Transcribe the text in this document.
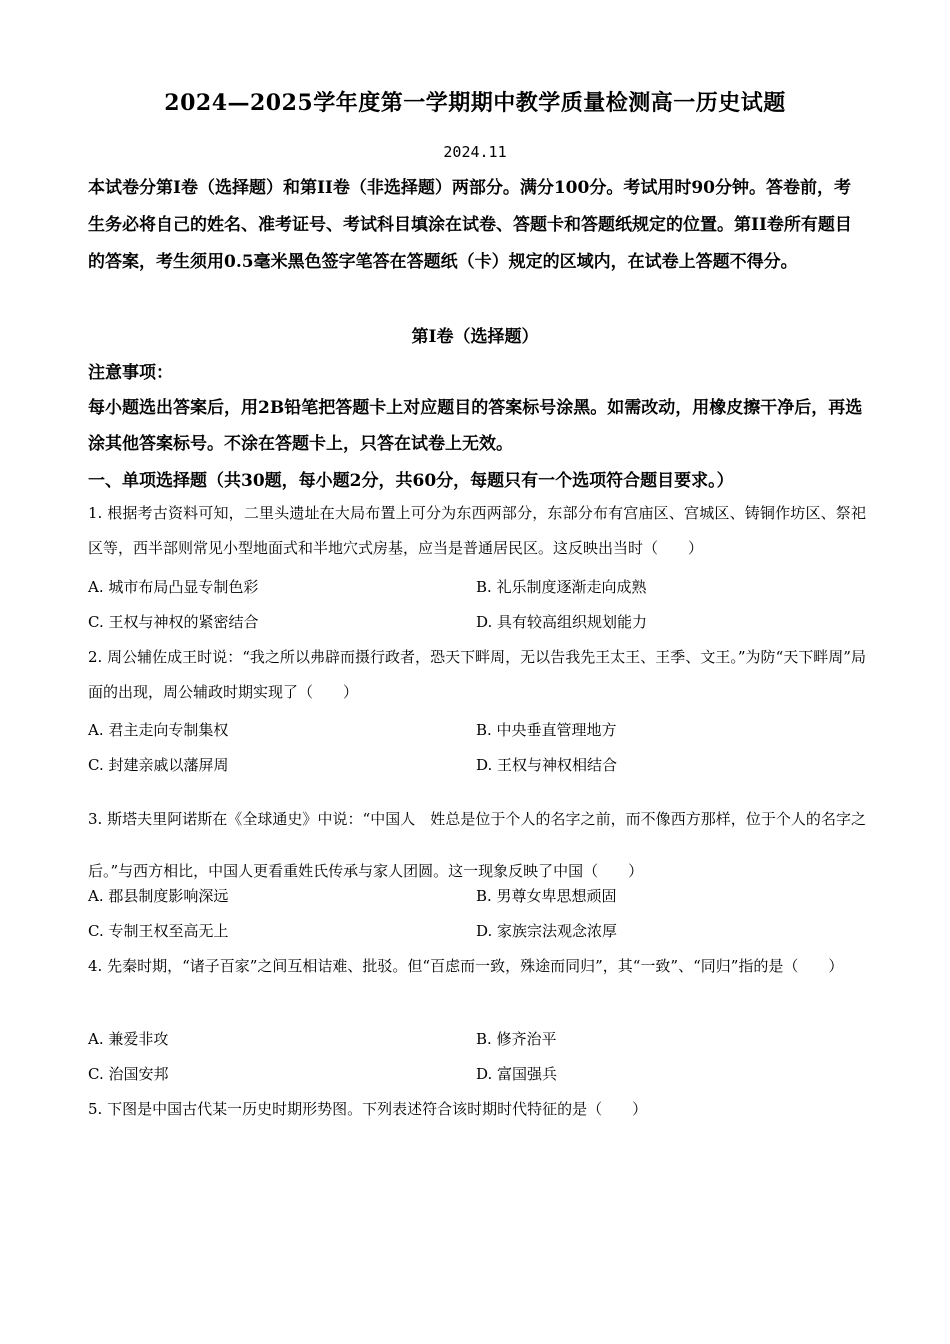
2024—2025学年度第一学期期中教学质量检测高一历史试题
2024.11
本试卷分第I卷（选择题）和第II卷（非选择题）两部分。满分100分。考试用时90分钟。答卷前，考生务必将自己的姓名、准考证号、考试科目填涂在试卷、答题卡和答题纸规定的位置。第II卷所有题目的答案，考生须用0.5毫米黑色签字笔答在答题纸（卡）规定的区域内，在试卷上答题不得分。
第I卷（选择题）
注意事项：
每小题选出答案后，用2B铅笔把答题卡上对应题目的答案标号涂黑。如需改动，用橡皮擦干净后，再选涂其他答案标号。不涂在答题卡上，只答在试卷上无效。
一、单项选择题（共30题，每小题2分，共60分，每题只有一个选项符合题目要求。）
1. 根据考古资料可知，二里头遗址在大局布置上可分为东西两部分，东部分布有宫庙区、宫城区、铸铜作坊区、祭祀区等，西半部则常见小型地面式和半地穴式房基，应当是普通居民区。这反映出当时（　　）
A. 城市布局凸显专制色彩	B. 礼乐制度逐渐走向成熟
C. 王权与神权的紧密结合	D. 具有较高组织规划能力
2. 周公辅佐成王时说：“我之所以弗辟而摄行政者，恐天下畔周，无以告我先王太王、王季、文王。”为防“天下畔周”局面的出现，周公辅政时期实现了（　　）
A. 君主走向专制集权	B. 中央垂直管理地方
C. 封建亲戚以藩屏周	D. 王权与神权相结合
3. 斯塔夫里阿诺斯在《全球通史》中说：“中国人　姓总是位于个人的名字之前，而不像西方那样，位于个人的名字之后。”与西方相比，中国人更看重姓氏传承与家人团圆。这一现象反映了中国（　　）
A. 郡县制度影响深远	B. 男尊女卑思想顽固
C. 专制王权至高无上	D. 家族宗法观念浓厚
4. 先秦时期，“诸子百家”之间互相诘难、批驳。但“百虑而一致，殊途而同归”，其“一致”、“同归”指的是（　　）
A. 兼爱非攻	B. 修齐治平
C. 治国安邦	D. 富国强兵
5. 下图是中国古代某一历史时期形势图。下列表述符合该时期时代特征的是（　　）
